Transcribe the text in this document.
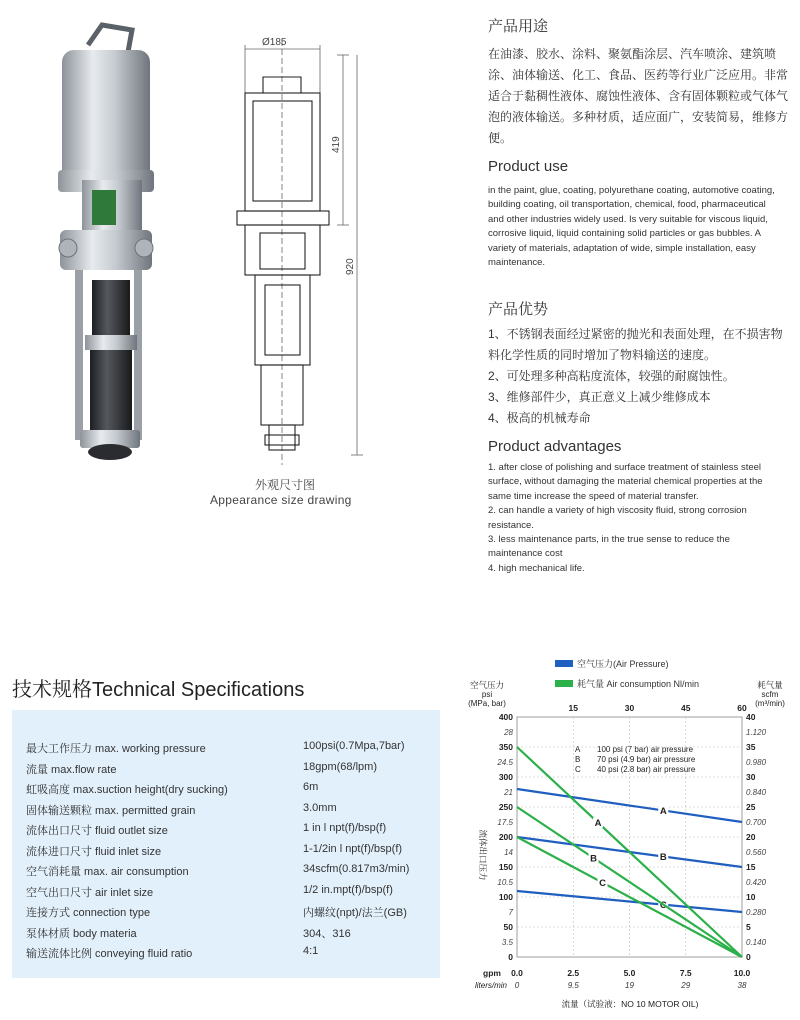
Ø185
419
920
外观尺寸图
Appearance size drawing
产品用途
在油漆、胶水、涂料、聚氨酯涂层、汽车喷涂、建筑喷涂、油体输送、化工、食品、医药等行业广泛应用。非常适合于黏稠性液体、腐蚀性液体、含有固体颗粒或气体气泡的液体输送。多种材质，适应面广，安装简易，维修方便。
Product use
in the paint, glue, coating, polyurethane coating, automotive coating, building coating, oil transportation, chemical, food, pharmaceutical and other industries widely used. Is very suitable for viscous liquid, corrosive liquid, liquid containing solid particles or gas bubbles. A variety of materials, adaptation of wide, simple installation, easy maintenance.
产品优势
1、不锈钢表面经过紧密的抛光和表面处理，在不损害物料化学性质的同时增加了物料输送的速度。
2、可处理多种高粘度流体，较强的耐腐蚀性。
3、维修部件少，真正意义上减少维修成本
4、极高的机械寿命
Product advantages
1. after close of polishing and surface treatment of stainless steel surface, without damaging the material chemical properties at the same time increase the speed of material transfer.
2. can handle a variety of high viscosity fluid, strong corrosion resistance.
3. less maintenance parts, in the true sense to reduce the maintenance cost
4. high mechanical life.
技术规格Technical Specifications
最大工作压力 max. working pressure	100psi(0.7Mpa,7bar)
流量 max.flow rate	18gpm(68/lpm)
虹吸高度 max.suction height(dry sucking)	6m
固体输送颗粒 max. permitted grain	3.0mm
流体出口尺寸 fluid outlet size	1 in l npt(f)/bsp(f)
流体进口尺寸 fluid inlet size	1-1/2in l npt(f)/bsp(f)
空气消耗量 max. air consumption	34scfm(0.817m3/min)
空气出口尺寸 air inlet size	1/2 in.mpt(f)/bsp(f)
连接方式 connection type	内螺纹(npt)/法兰(GB)
泵体材质 body materia	304、316
输送流体比例 conveying fluid ratio	4:1
空气压力(Air Pressure)
耗气量 Air consumption Nl/min
空气压力
psi
(MPa, bar)
耗气量
scfm
(m³/min)
流体出口压力
gpm
liters/min
流量（试验液：NO 10 MOTOR OIL)
A 100 psi (7 bar) air pressure
B 70 psi (4.9 bar) air pressure
C 40 psi (2.8 bar) air pressure
400
350
300
250
200
150
100
50
0
28
24.5
21
17.5
14
10.5
7
3.5
40
35
30
25
20
15
10
5
0
1.120
0.980
0.840
0.700
0.560
0.420
0.280
0.140
15	30	45	60
0.0	2.5	5.0	7.5	10.0
0	9.5	19	29	38
A
B
C
A
B
C
